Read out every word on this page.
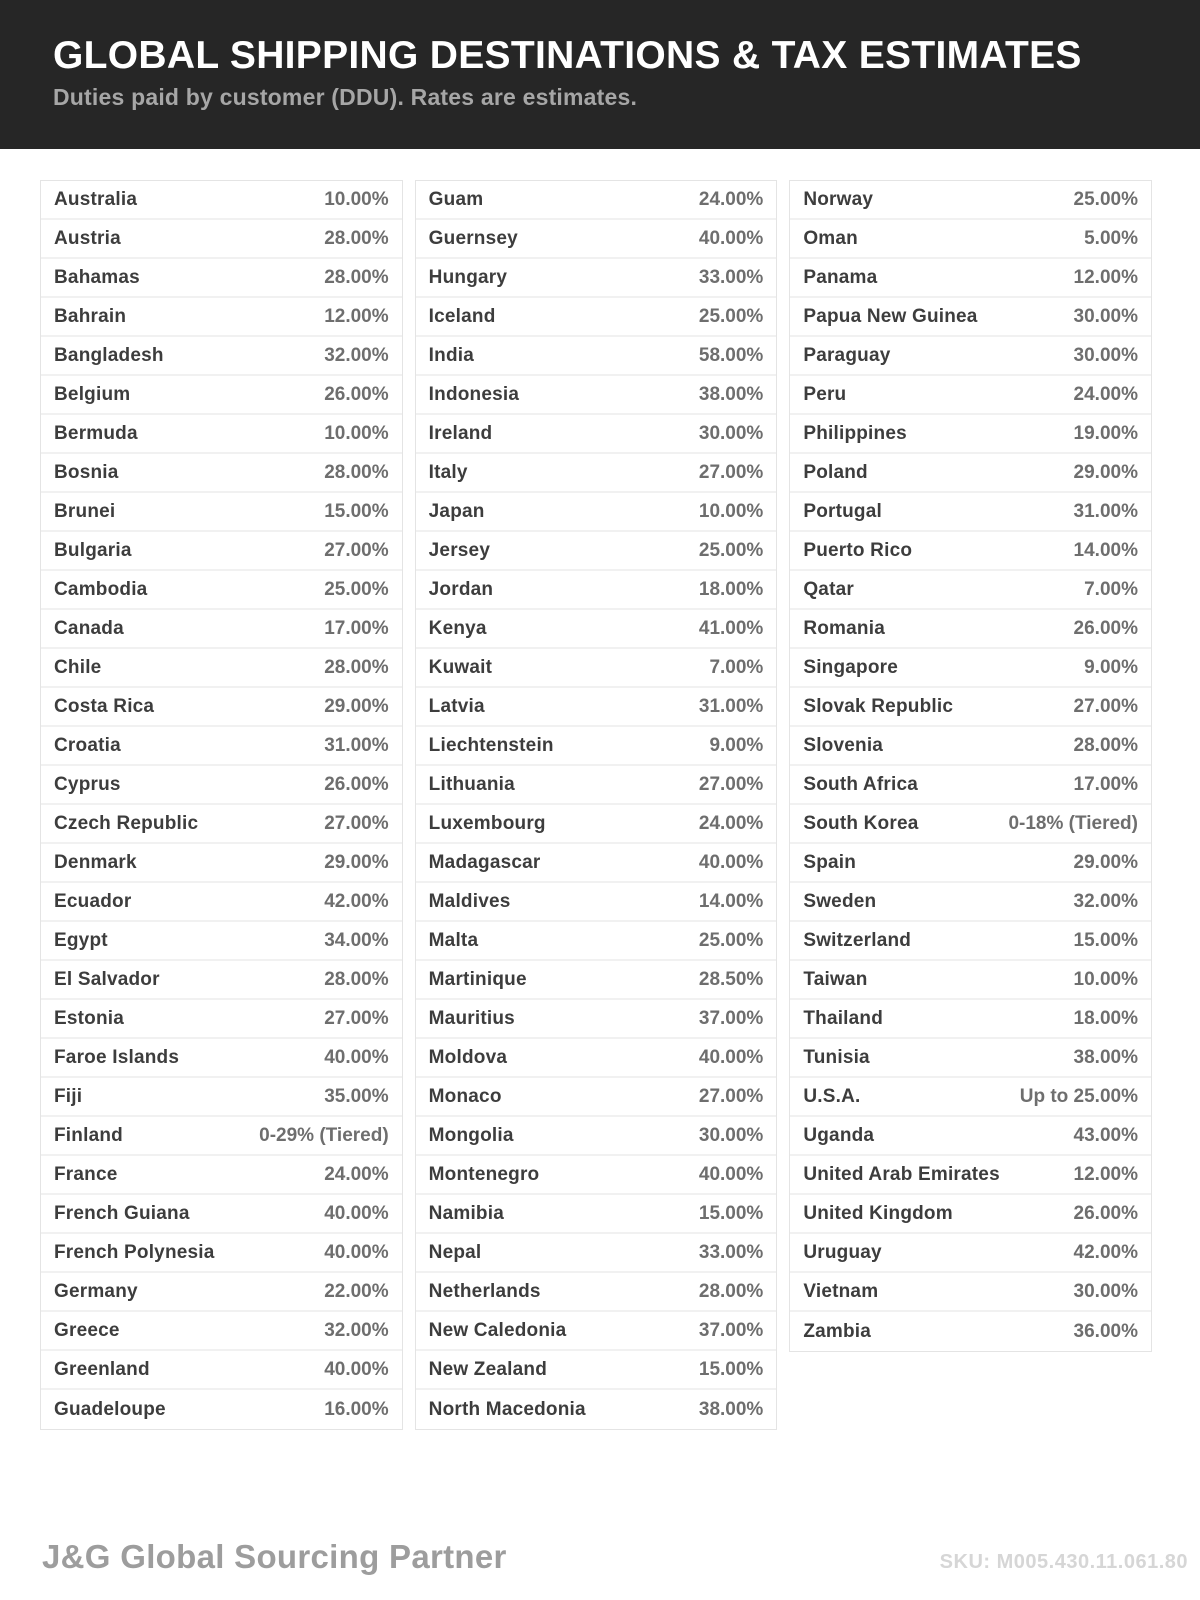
GLOBAL SHIPPING DESTINATIONS & TAX ESTIMATES
Duties paid by customer (DDU). Rates are estimates.
Australia	10.00%
Austria	28.00%
Bahamas	28.00%
Bahrain	12.00%
Bangladesh	32.00%
Belgium	26.00%
Bermuda	10.00%
Bosnia	28.00%
Brunei	15.00%
Bulgaria	27.00%
Cambodia	25.00%
Canada	17.00%
Chile	28.00%
Costa Rica	29.00%
Croatia	31.00%
Cyprus	26.00%
Czech Republic	27.00%
Denmark	29.00%
Ecuador	42.00%
Egypt	34.00%
El Salvador	28.00%
Estonia	27.00%
Faroe Islands	40.00%
Fiji	35.00%
Finland	0-29% (Tiered)
France	24.00%
French Guiana	40.00%
French Polynesia	40.00%
Germany	22.00%
Greece	32.00%
Greenland	40.00%
Guadeloupe	16.00%
Guam	24.00%
Guernsey	40.00%
Hungary	33.00%
Iceland	25.00%
India	58.00%
Indonesia	38.00%
Ireland	30.00%
Italy	27.00%
Japan	10.00%
Jersey	25.00%
Jordan	18.00%
Kenya	41.00%
Kuwait	7.00%
Latvia	31.00%
Liechtenstein	9.00%
Lithuania	27.00%
Luxembourg	24.00%
Madagascar	40.00%
Maldives	14.00%
Malta	25.00%
Martinique	28.50%
Mauritius	37.00%
Moldova	40.00%
Monaco	27.00%
Mongolia	30.00%
Montenegro	40.00%
Namibia	15.00%
Nepal	33.00%
Netherlands	28.00%
New Caledonia	37.00%
New Zealand	15.00%
North Macedonia	38.00%
Norway	25.00%
Oman	5.00%
Panama	12.00%
Papua New Guinea	30.00%
Paraguay	30.00%
Peru	24.00%
Philippines	19.00%
Poland	29.00%
Portugal	31.00%
Puerto Rico	14.00%
Qatar	7.00%
Romania	26.00%
Singapore	9.00%
Slovak Republic	27.00%
Slovenia	28.00%
South Africa	17.00%
South Korea	0-18% (Tiered)
Spain	29.00%
Sweden	32.00%
Switzerland	15.00%
Taiwan	10.00%
Thailand	18.00%
Tunisia	38.00%
U.S.A.	Up to 25.00%
Uganda	43.00%
United Arab Emirates	12.00%
United Kingdom	26.00%
Uruguay	42.00%
Vietnam	30.00%
Zambia	36.00%
J&G Global Sourcing Partner	SKU: M005.430.11.061.80
